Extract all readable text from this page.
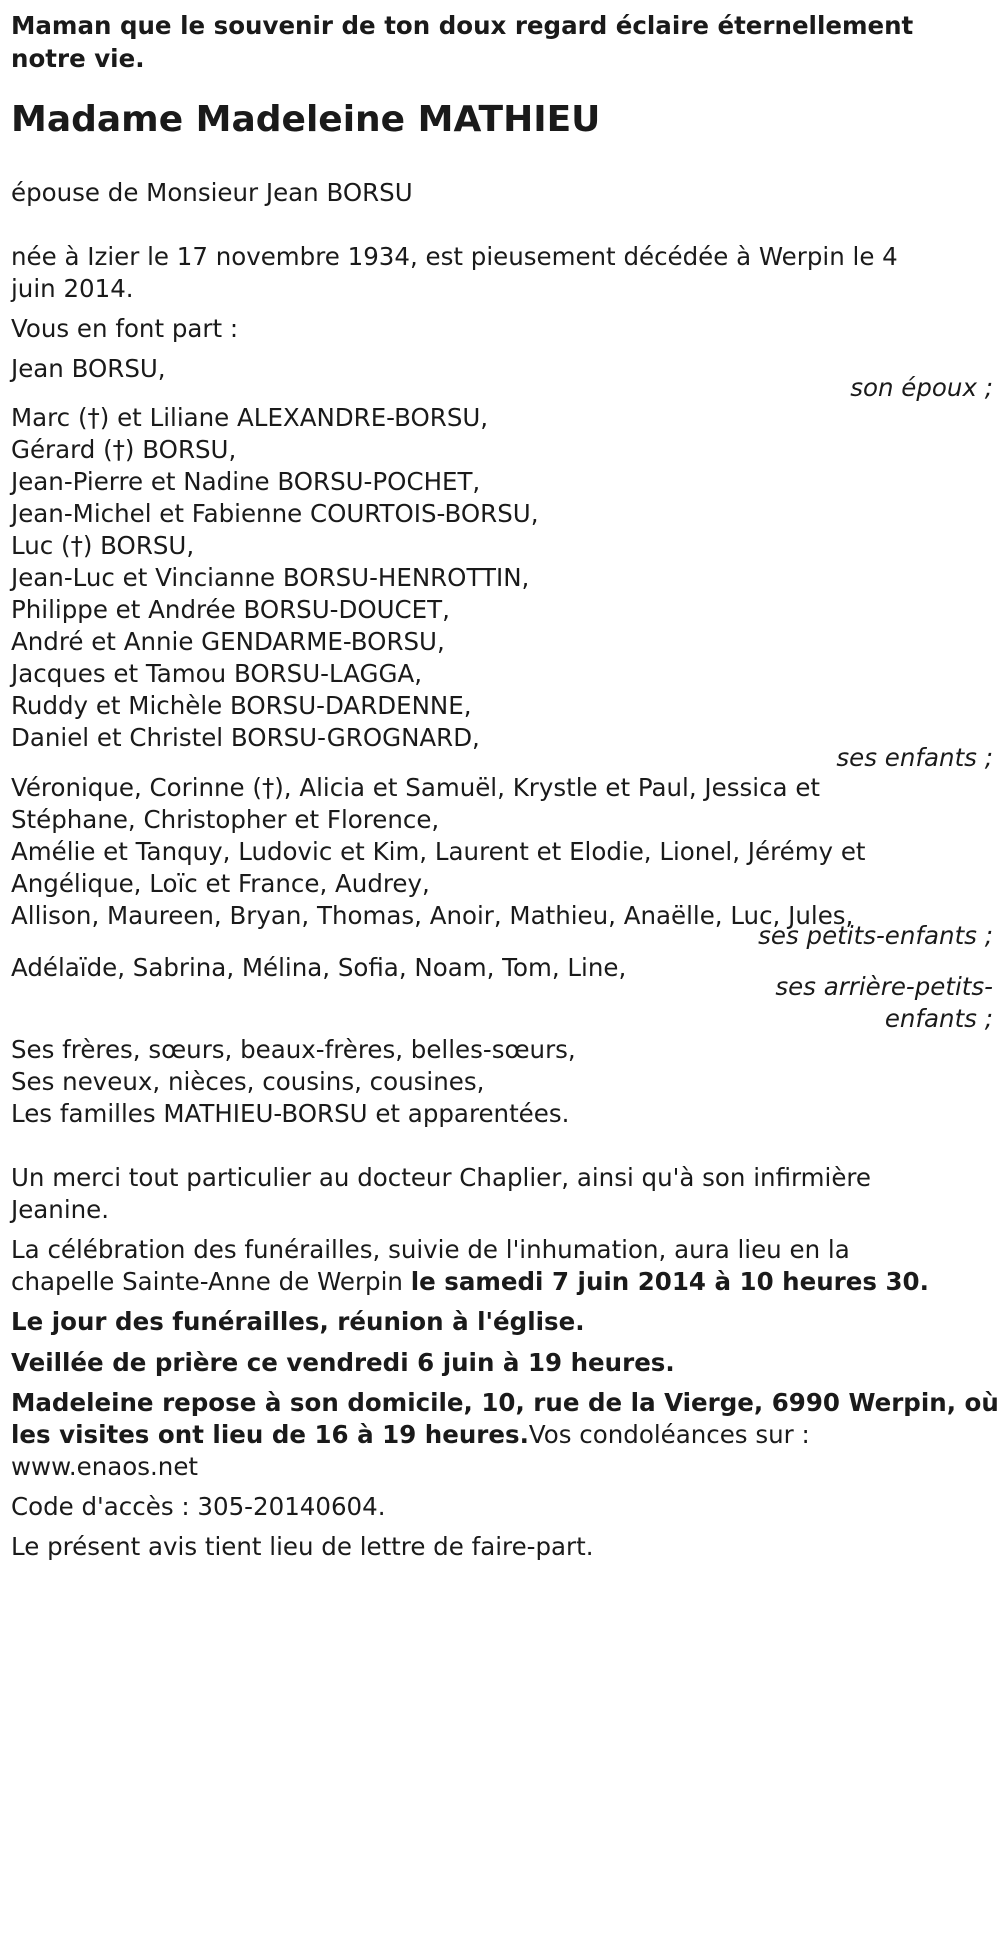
Maman que le souvenir de ton doux regard éclaire éternellement
notre vie.
Madame Madeleine MATHIEU
épouse de Monsieur Jean BORSU
née à Izier le 17 novembre 1934, est pieusement décédée à Werpin le 4
juin 2014.
Vous en font part :
Jean BORSU,
son époux ;
Marc (†) et Liliane ALEXANDRE-BORSU,
Gérard (†) BORSU,
Jean-Pierre et Nadine BORSU-POCHET,
Jean-Michel et Fabienne COURTOIS-BORSU,
Luc (†) BORSU,
Jean-Luc et Vincianne BORSU-HENROTTIN,
Philippe et Andrée BORSU-DOUCET,
André et Annie GENDARME-BORSU,
Jacques et Tamou BORSU-LAGGA,
Ruddy et Michèle BORSU-DARDENNE,
Daniel et Christel BORSU-GROGNARD,
ses enfants ;
Véronique, Corinne (†), Alicia et Samuël, Krystle et Paul, Jessica et
Stéphane, Christopher et Florence,
Amélie et Tanquy, Ludovic et Kim, Laurent et Elodie, Lionel, Jérémy et
Angélique, Loïc et France, Audrey,
Allison, Maureen, Bryan, Thomas, Anoir, Mathieu, Anaëlle, Luc, Jules,
ses petits-enfants ;
Adélaïde, Sabrina, Mélina, Sofia, Noam, Tom, Line,
ses arrière-petits-
enfants ;
Ses frères, sœurs, beaux-frères, belles-sœurs,
Ses neveux, nièces, cousins, cousines,
Les familles MATHIEU-BORSU et apparentées.
Un merci tout particulier au docteur Chaplier, ainsi qu'à son infirmière
Jeanine.
La célébration des funérailles, suivie de l'inhumation, aura lieu en la
chapelle Sainte-Anne de Werpin le samedi 7 juin 2014 à 10 heures 30.
Le jour des funérailles, réunion à l'église.
Veillée de prière ce vendredi 6 juin à 19 heures.
Madeleine repose à son domicile, 10, rue de la Vierge, 6990 Werpin, où
les visites ont lieu de 16 à 19 heures.Vos condoléances sur :
www.enaos.net
Code d'accès : 305-20140604.
Le présent avis tient lieu de lettre de faire-part.
